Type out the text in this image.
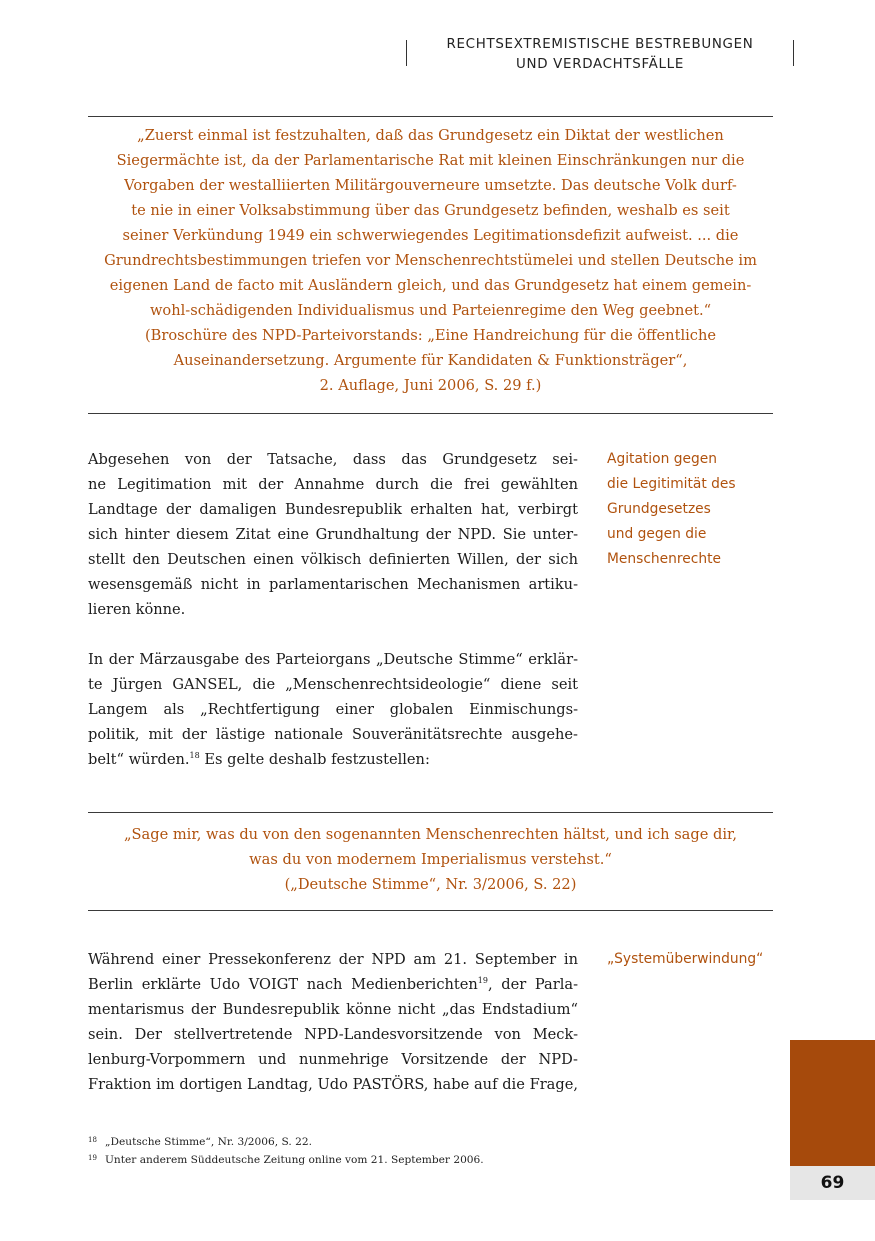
RECHTSEXTREMISTISCHE BESTREBUNGEN
UND VERDACHTSFÄLLE
„Zuerst einmal ist festzuhalten, daß das Grundgesetz ein Diktat der westlichen
Siegermächte ist, da der Parlamentarische Rat mit kleinen Einschränkungen nur die
Vorgaben der westalliierten Militärgouverneure umsetzte. Das deutsche Volk durf-
te nie in einer Volksabstimmung über das Grundgesetz befinden, weshalb es seit
seiner Verkündung 1949 ein schwerwiegendes Legitimationsdefizit aufweist. ... die
Grundrechtsbestimmungen triefen vor Menschenrechtstümelei und stellen Deutsche im
eigenen Land de facto mit Ausländern gleich, und das Grundgesetz hat einem gemein-
wohl-schädigenden Individualismus und Parteienregime den Weg geebnet.“
(Broschüre des NPD-Parteivorstands: „Eine Handreichung für die öffentliche
Auseinandersetzung. Argumente für Kandidaten & Funktionsträger“,
2. Auflage, Juni 2006, S. 29 f.)
Abgesehen von der Tatsache, dass das Grundgesetz sei-
ne Legitimation mit der Annahme durch die frei gewählten
Landtage der damaligen Bundesrepublik erhalten hat, verbirgt
sich hinter diesem Zitat eine Grundhaltung der NPD. Sie unter-
stellt den Deutschen einen völkisch definierten Willen, der sich
wesensgemäß nicht in parlamentarischen Mechanismen artiku-
lieren könne.
Agitation gegen
die Legitimität des
Grundgesetzes
und gegen die
Menschenrechte
In der Märzausgabe des Parteiorgans „Deutsche Stimme“ erklär-
te Jürgen GANSEL, die „Menschenrechtsideologie“ diene seit
Langem als „Rechtfertigung einer globalen Einmischungs-
politik, mit der lästige nationale Souveränitätsrechte ausgehe-
belt“ würden.$^{18}$ Es gelte deshalb festzustellen:
„Sage mir, was du von den sogenannten Menschenrechten hältst, und ich sage dir,
was du von modernem Imperialismus verstehst.“
(„Deutsche Stimme“, Nr. 3/2006, S. 22)
Während einer Pressekonferenz der NPD am 21. September in
Berlin erklärte Udo VOIGT nach Medienberichten$^{19}$, der Parla-
mentarismus der Bundesrepublik könne nicht „das Endstadium“
sein. Der stellvertretende NPD-Landesvorsitzende von Meck-
lenburg-Vorpommern und nunmehrige Vorsitzende der NPD-
Fraktion im dortigen Landtag, Udo PASTÖRS, habe auf die Frage,
„Systemüberwindung“
18 „Deutsche Stimme“, Nr. 3/2006, S. 22.
19 Unter anderem Süddeutsche Zeitung online vom 21. September 2006.
69
